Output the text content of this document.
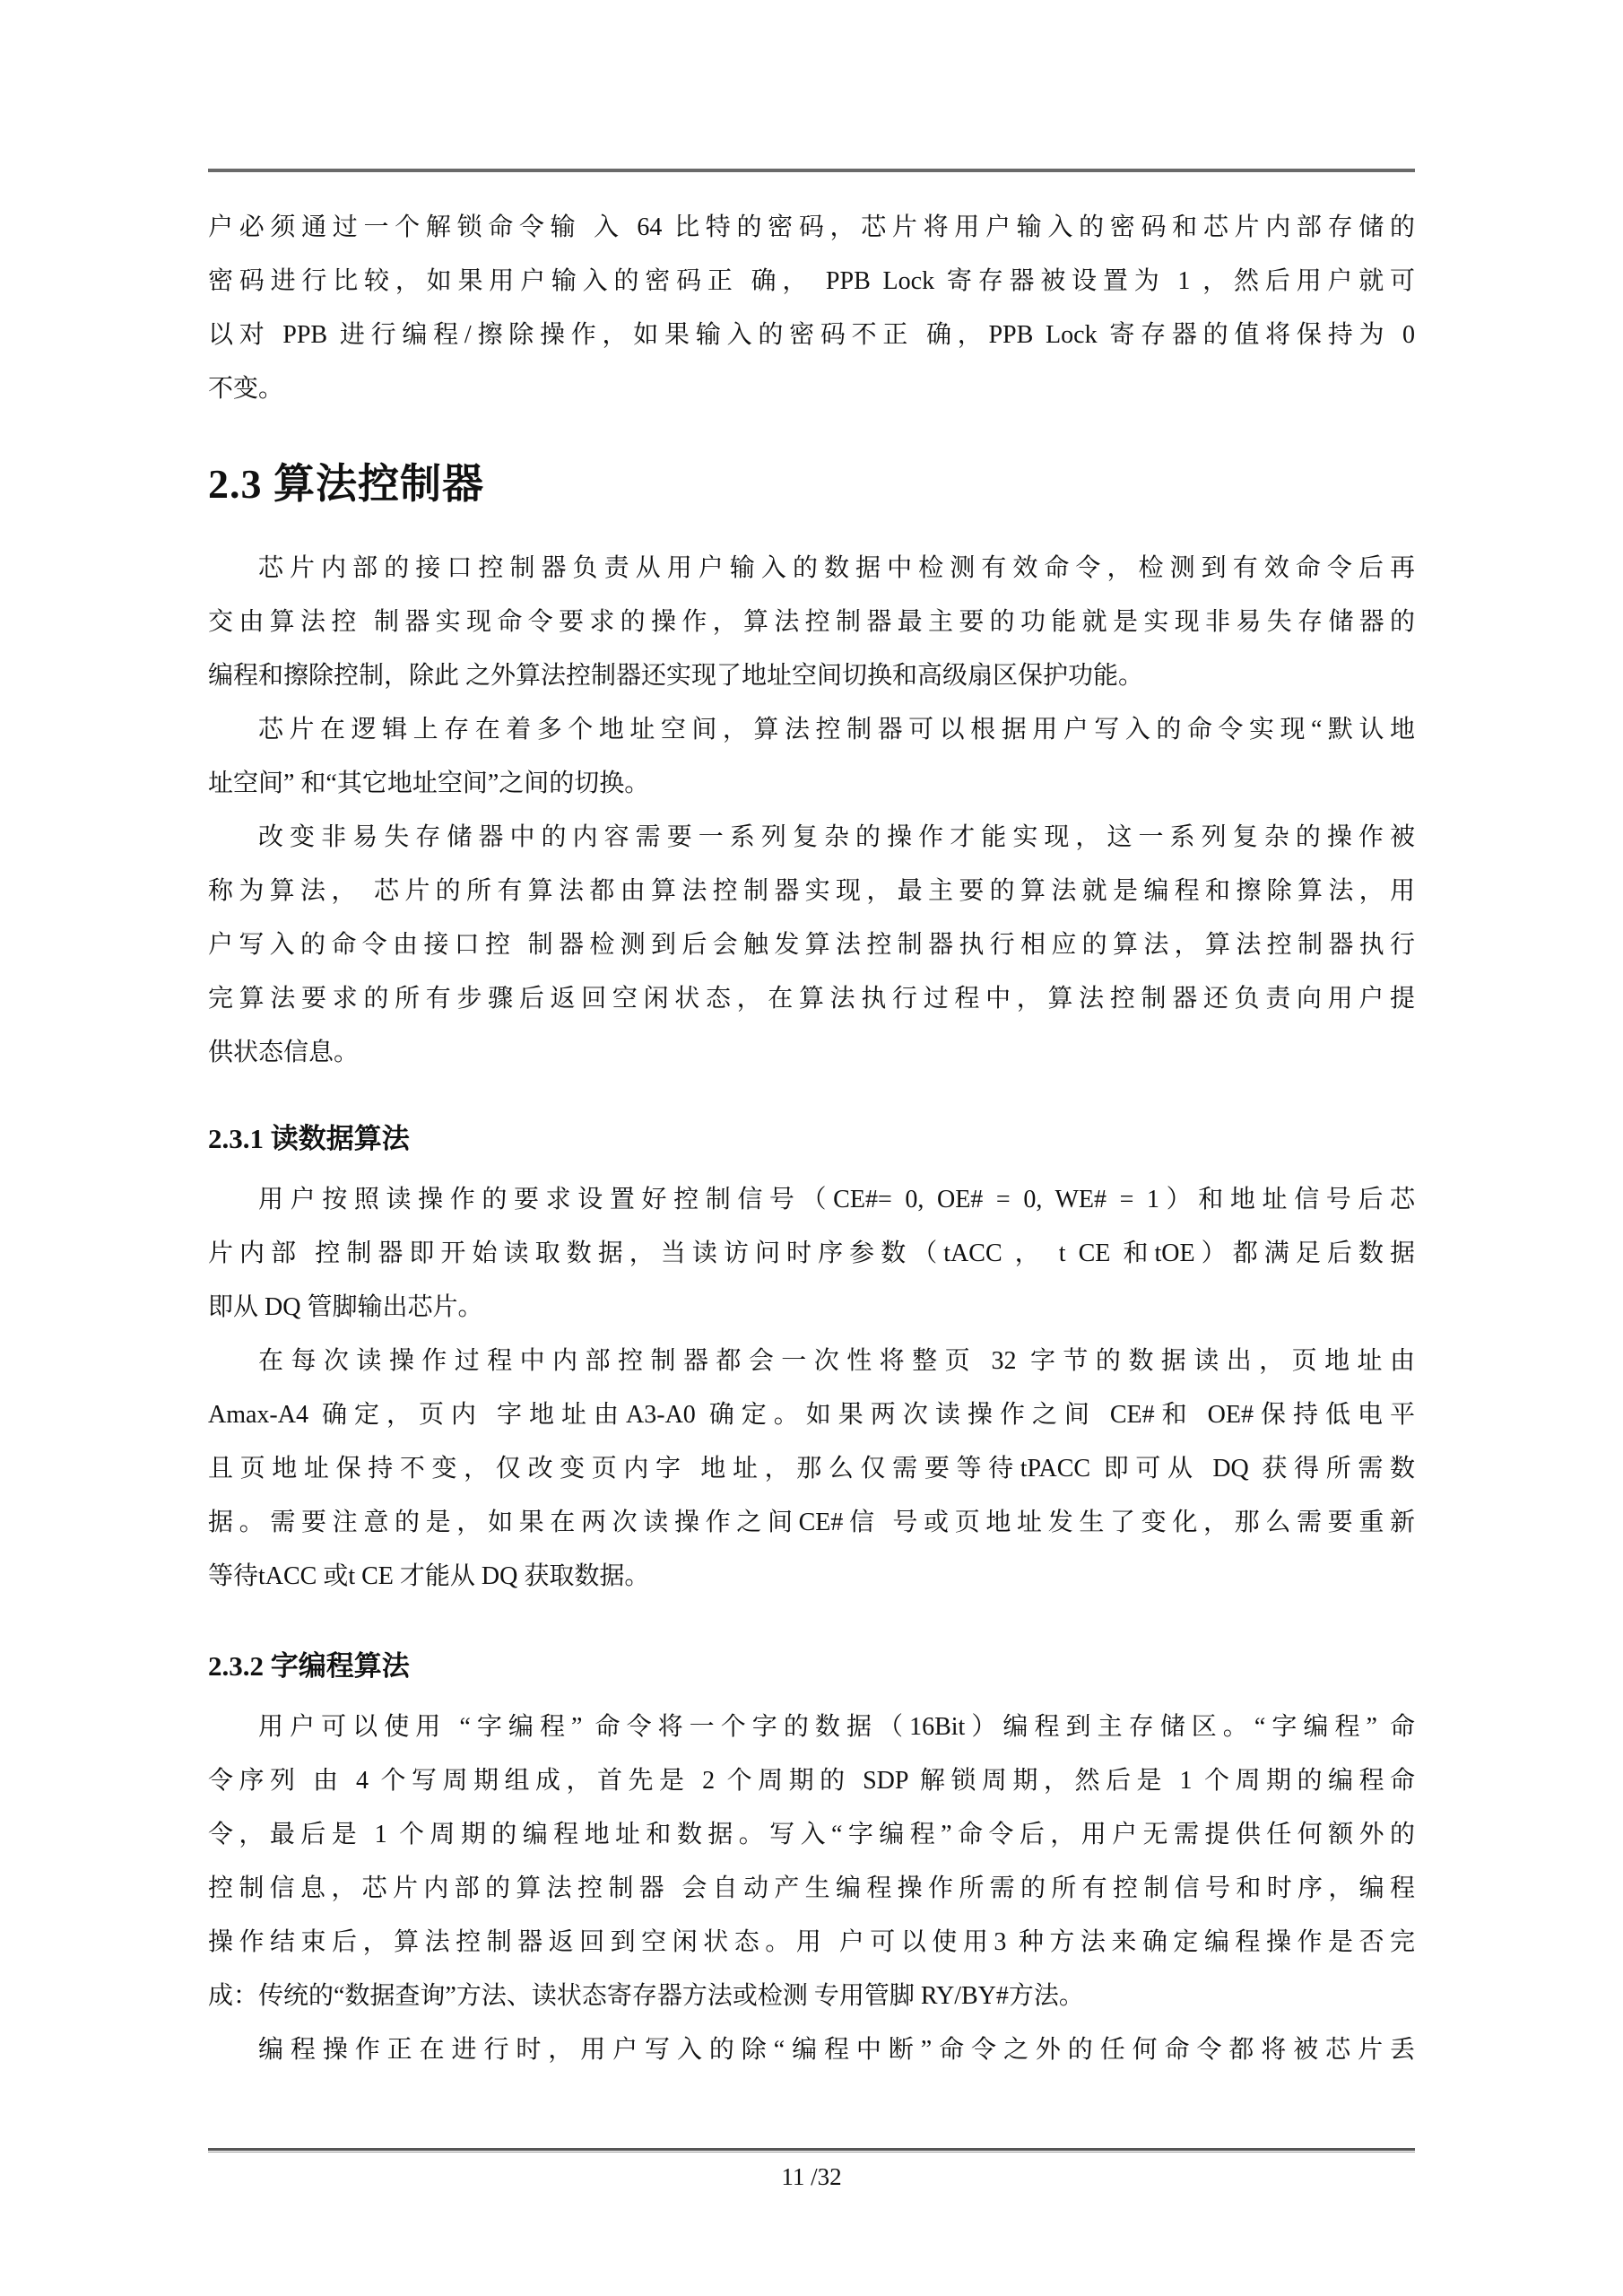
户必须通过一个解锁命令输 入 64 比特的密码，芯片将用户输入的密码和芯片内部存储的
密码进行比较，如果用户输入的密码正 确， PPB Lock 寄存器被设置为 1 ，然后用户就可
以对 PPB 进行编程/擦除操作，如果输入的密码不正 确，PPB Lock 寄存器的值将保持为 0
不变。
2.3 算法控制器
芯片内部的接口控制器负责从用户输入的数据中检测有效命令，检测到有效命令后再
交由算法控 制器实现命令要求的操作，算法控制器最主要的功能就是实现非易失存储器的
编程和擦除控制，除此 之外算法控制器还实现了地址空间切换和高级扇区保护功能。
芯片在逻辑上存在着多个地址空间，算法控制器可以根据用户写入的命令实现“默认地
址空间” 和“其它地址空间”之间的切换。
改变非易失存储器中的内容需要一系列复杂的操作才能实现，这一系列复杂的操作被
称为算法， 芯片的所有算法都由算法控制器实现，最主要的算法就是编程和擦除算法，用
户写入的命令由接口控 制器检测到后会触发算法控制器执行相应的算法，算法控制器执行
完算法要求的所有步骤后返回空闲状态，在算法执行过程中，算法控制器还负责向用户提
供状态信息。
2.3.1 读数据算法
用户按照读操作的要求设置好控制信号（CE#= 0, OE# = 0, WE# = 1）和地址信号后芯
片内部 控制器即开始读取数据，当读访问时序参数（tACC ， t CE 和tOE）都满足后数据
即从 DQ 管脚输出芯片。
在每次读操作过程中内部控制器都会一次性将整页 32 字节的数据读出，页地址由
Amax-A4 确定，页内 字地址由A3-A0 确定。如果两次读操作之间 CE#和 OE#保持低电平
且页地址保持不变，仅改变页内字 地址，那么仅需要等待tPACC 即可从 DQ 获得所需数
据。需要注意的是，如果在两次读操作之间CE#信 号或页地址发生了变化，那么需要重新
等待tACC 或t CE 才能从 DQ 获取数据。
2.3.2 字编程算法
用户可以使用 “字编程” 命令将一个字的数据（16Bit）编程到主存储区。“字编程” 命
令序列 由 4 个写周期组成，首先是 2 个周期的 SDP 解锁周期，然后是 1 个周期的编程命
令，最后是 1 个周期的编程地址和数据。写入“字编程”命令后，用户无需提供任何额外的
控制信息，芯片内部的算法控制器 会自动产生编程操作所需的所有控制信号和时序，编程
操作结束后，算法控制器返回到空闲状态。用 户可以使用3 种方法来确定编程操作是否完
成：传统的“数据查询”方法、读状态寄存器方法或检测 专用管脚 RY/BY#方法。
编程操作正在进行时，用户写入的除“编程中断”命令之外的任何命令都将被芯片丢
11 /32
